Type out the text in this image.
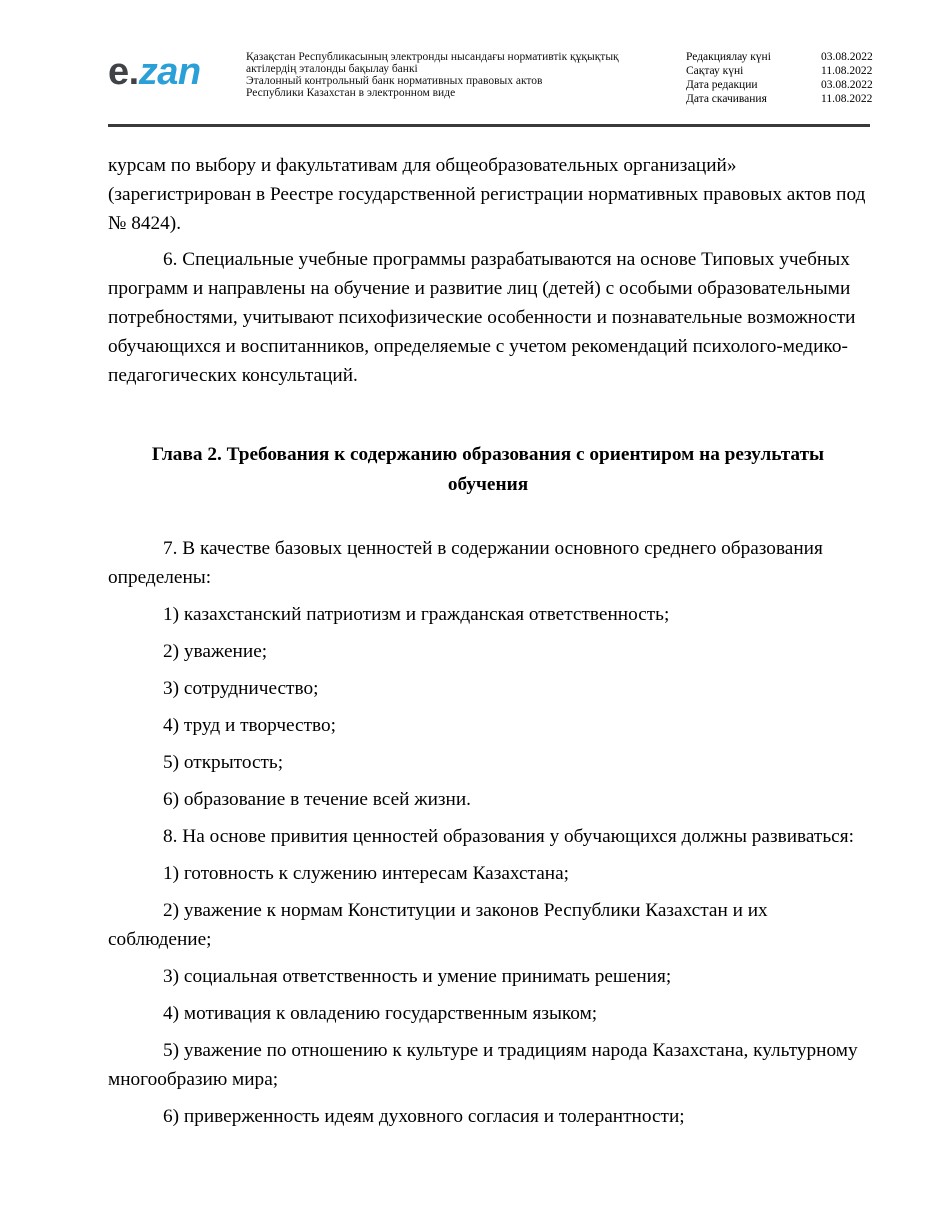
e.zan	Қазақстан Республикасының электронды нысандағы нормативтік құқықтық
актілердің эталонды бақылау банкі
Эталонный контрольный банк нормативных правовых актов
Республики Казахстан в электронном виде
Редакциялау күні	03.08.2022
Сақтау күні	11.08.2022
Дата редакции	03.08.2022
Дата скачивания	11.08.2022

курсам по выбору и факультативам для общеобразовательных организаций» (зарегистрирован в Реестре государственной регистрации нормативных правовых актов под № 8424).

6. Специальные учебные программы разрабатываются на основе Типовых учебных программ и направлены на обучение и развитие лиц (детей) с особыми образовательными потребностями, учитывают психофизические особенности и познавательные возможности обучающихся и воспитанников, определяемые с учетом рекомендаций психолого-медико-педагогических консультаций.

Глава 2. Требования к содержанию образования с ориентиром на результаты
обучения

7. В качестве базовых ценностей в содержании основного среднего образования определены:

1) казахстанский патриотизм и гражданская ответственность;

2) уважение;

3) сотрудничество;

4) труд и творчество;

5) открытость;

6) образование в течение всей жизни.

8. На основе привития ценностей образования у обучающихся должны развиваться:

1) готовность к служению интересам Казахстана;

2) уважение к нормам Конституции и законов Республики Казахстан и их соблюдение;

3) социальная ответственность и умение принимать решения;

4) мотивация к овладению государственным языком;

5) уважение по отношению к культуре и традициям народа Казахстана, культурному многообразию мира;

6) приверженность идеям духовного согласия и толерантности;
